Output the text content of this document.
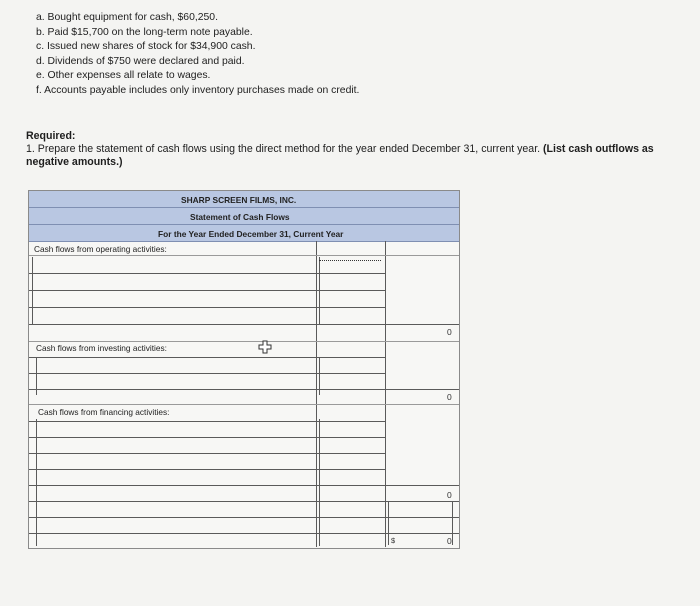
a. Bought equipment for cash, $60,250.
b. Paid $15,700 on the long-term note payable.
c. Issued new shares of stock for $34,900 cash.
d. Dividends of $750 were declared and paid.
e. Other expenses all relate to wages.
f. Accounts payable includes only inventory purchases made on credit.
Required:
1. Prepare the statement of cash flows using the direct method for the year ended December 31, current year. (List cash outflows as negative amounts.)
SHARP SCREEN FILMS, INC.
Statement of Cash Flows
For the Year Ended December 31, Current Year
Cash flows from operating activities:
Cash flows from investing activities:
Cash flows from financing activities:
0
0
0
$	0
